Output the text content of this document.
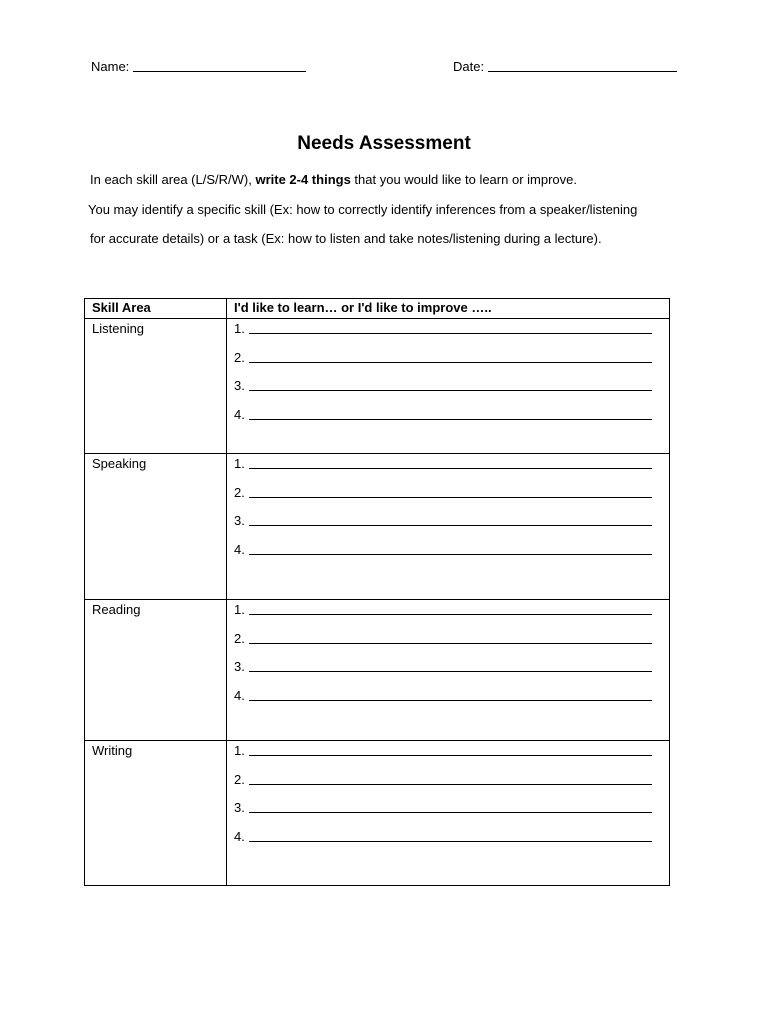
Name:	Date:
Needs Assessment
In each skill area (L/S/R/W), write 2-4 things that you would like to learn or improve.
You may identify a specific skill (Ex: how to correctly identify inferences from a speaker/listening
for accurate details) or a task (Ex: how to listen and take notes/listening during a lecture).
Skill Area	I'd like to learn… or I'd like to improve …..
Listening	1.
2.
3.
4.

Speaking	1.
2.
3.
4.

Reading	1.
2.
3.
4.

Writing	1.
2.
3.
4.
